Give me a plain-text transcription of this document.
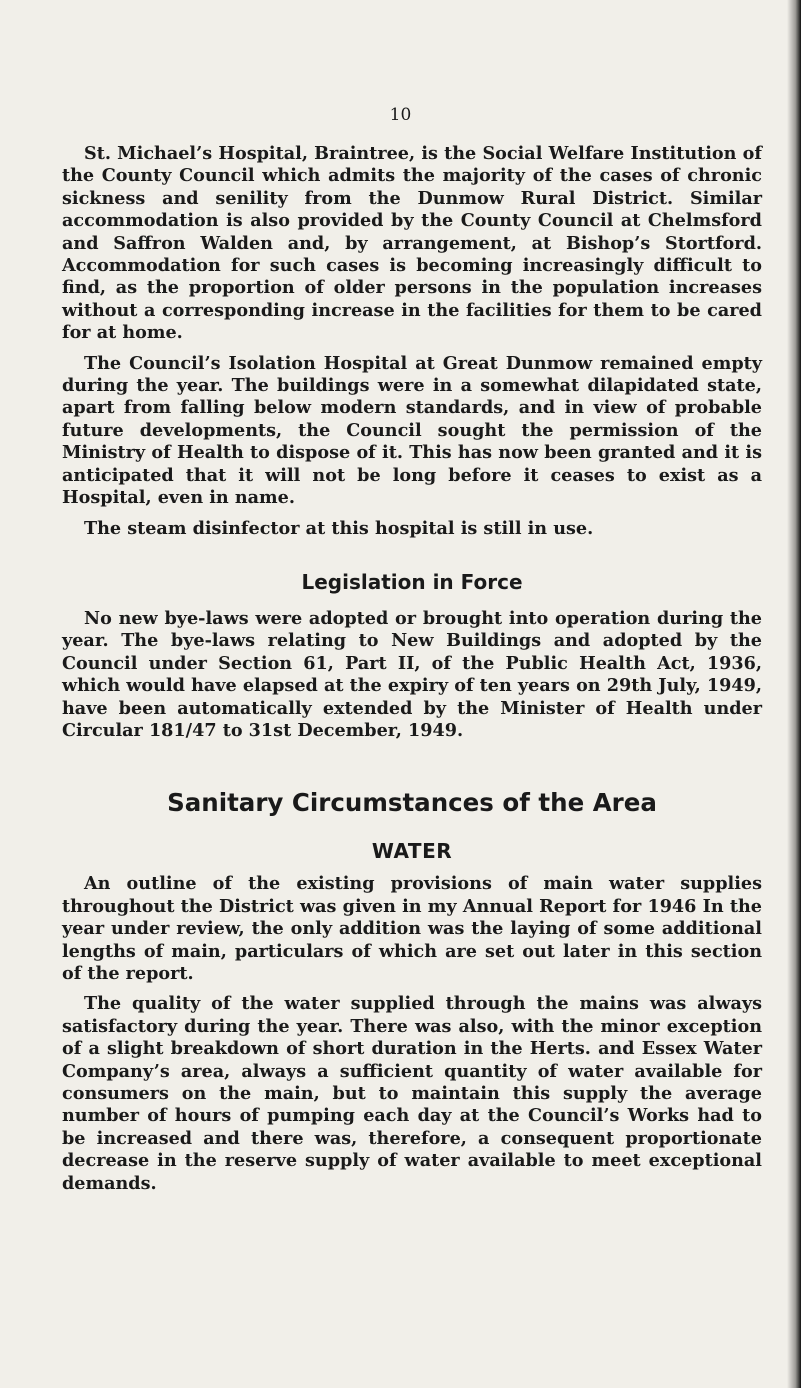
10

St. Michael’s Hospital, Braintree, is the Social Welfare Institution of the County Council which admits the majority of the cases of chronic sickness and senility from the Dunmow Rural District. Similar accommodation is also provided by the County Council at Chelmsford and Saffron Walden and, by arrangement, at Bishop’s Stortford. Accommodation for such cases is becoming increasingly difficult to find, as the proportion of older persons in the population increases without a corresponding increase in the facilities for them to be cared for at home.

The Council’s Isolation Hospital at Great Dunmow remained empty during the year. The buildings were in a somewhat dilapidated state, apart from falling below modern standards, and in view of probable future developments, the Council sought the permission of the Ministry of Health to dispose of it. This has now been granted and it is anticipated that it will not be long before it ceases to exist as a Hospital, even in name.

The steam disinfector at this hospital is still in use.

Legislation in Force

No new bye-laws were adopted or brought into operation during the year. The bye-laws relating to New Buildings and adopted by the Council under Section 61, Part II, of the Public Health Act, 1936, which would have elapsed at the expiry of ten years on 29th July, 1949, have been automatically extended by the Minister of Health under Circular 181/47 to 31st December, 1949.

Sanitary Circumstances of the Area
WATER

An outline of the existing provisions of main water supplies throughout the District was given in my Annual Report for 1946 In the year under review, the only addition was the laying of some additional lengths of main, particulars of which are set out later in this section of the report.

The quality of the water supplied through the mains was always satisfactory during the year. There was also, with the minor exception of a slight breakdown of short duration in the Herts. and Essex Water Company’s area, always a sufficient quantity of water available for consumers on the main, but to maintain this supply the average number of hours of pumping each day at the Council’s Works had to be increased and there was, therefore, a consequent proportionate decrease in the reserve supply of water available to meet exceptional demands.
